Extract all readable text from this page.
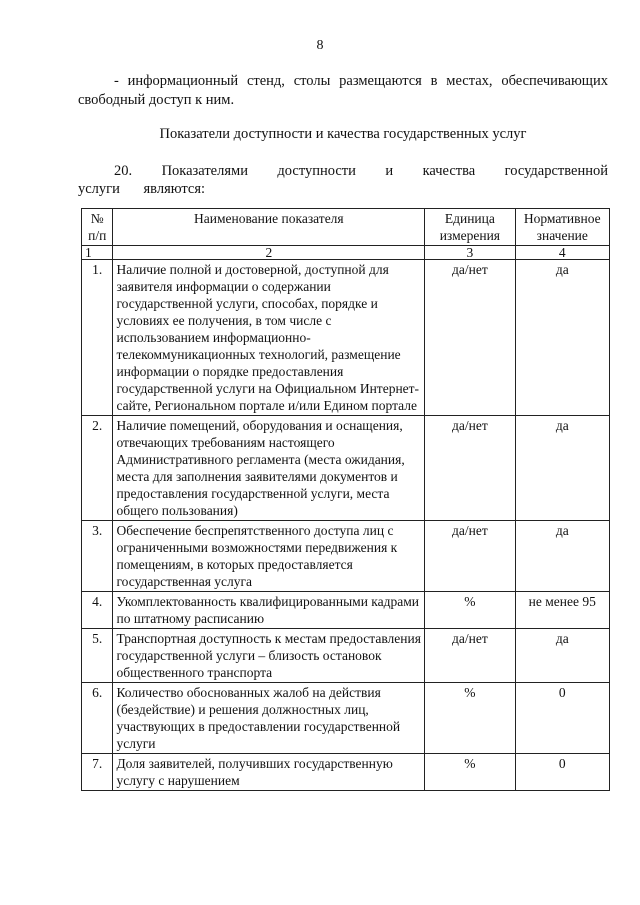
8
- информационный стенд, столы размещаются в местах, обеспечивающих свободный доступ к ним.
Показатели доступности и качества государственных услуг
20. Показателями доступности и качества государственной услуги являются:
№ п/п	Наименование показателя	Единица измерения	Нормативное значение
1	2	3	4
1.	Наличие полной и достоверной, доступной для заявителя информации о содержании государственной услуги, способах, порядке и условиях ее получения, в том числе с использованием информационно-телекоммуникационных технологий, размещение информации о порядке предоставления государственной услуги на Официальном Интернет-сайте, Региональном портале и/или Едином портале	да/нет	да
2.	Наличие помещений, оборудования и оснащения, отвечающих требованиям настоящего Административного регламента (места ожидания, места для заполнения заявителями документов и предоставления государственной услуги, места общего пользования)	да/нет	да
3.	Обеспечение беспрепятственного доступа лиц с ограниченными возможностями передвижения к помещениям, в которых предоставляется государственная услуга	да/нет	да
4.	Укомплектованность квалифицированными кадрами по штатному расписанию	%	не менее 95
5.	Транспортная доступность к местам предоставления государственной услуги – близость остановок общественного транспорта	да/нет	да
6.	Количество обоснованных жалоб на действия (бездействие) и решения должностных лиц, участвующих в предоставлении государственной услуги	%	0
7.	Доля заявителей, получивших государственную услугу с нарушением	%	0
